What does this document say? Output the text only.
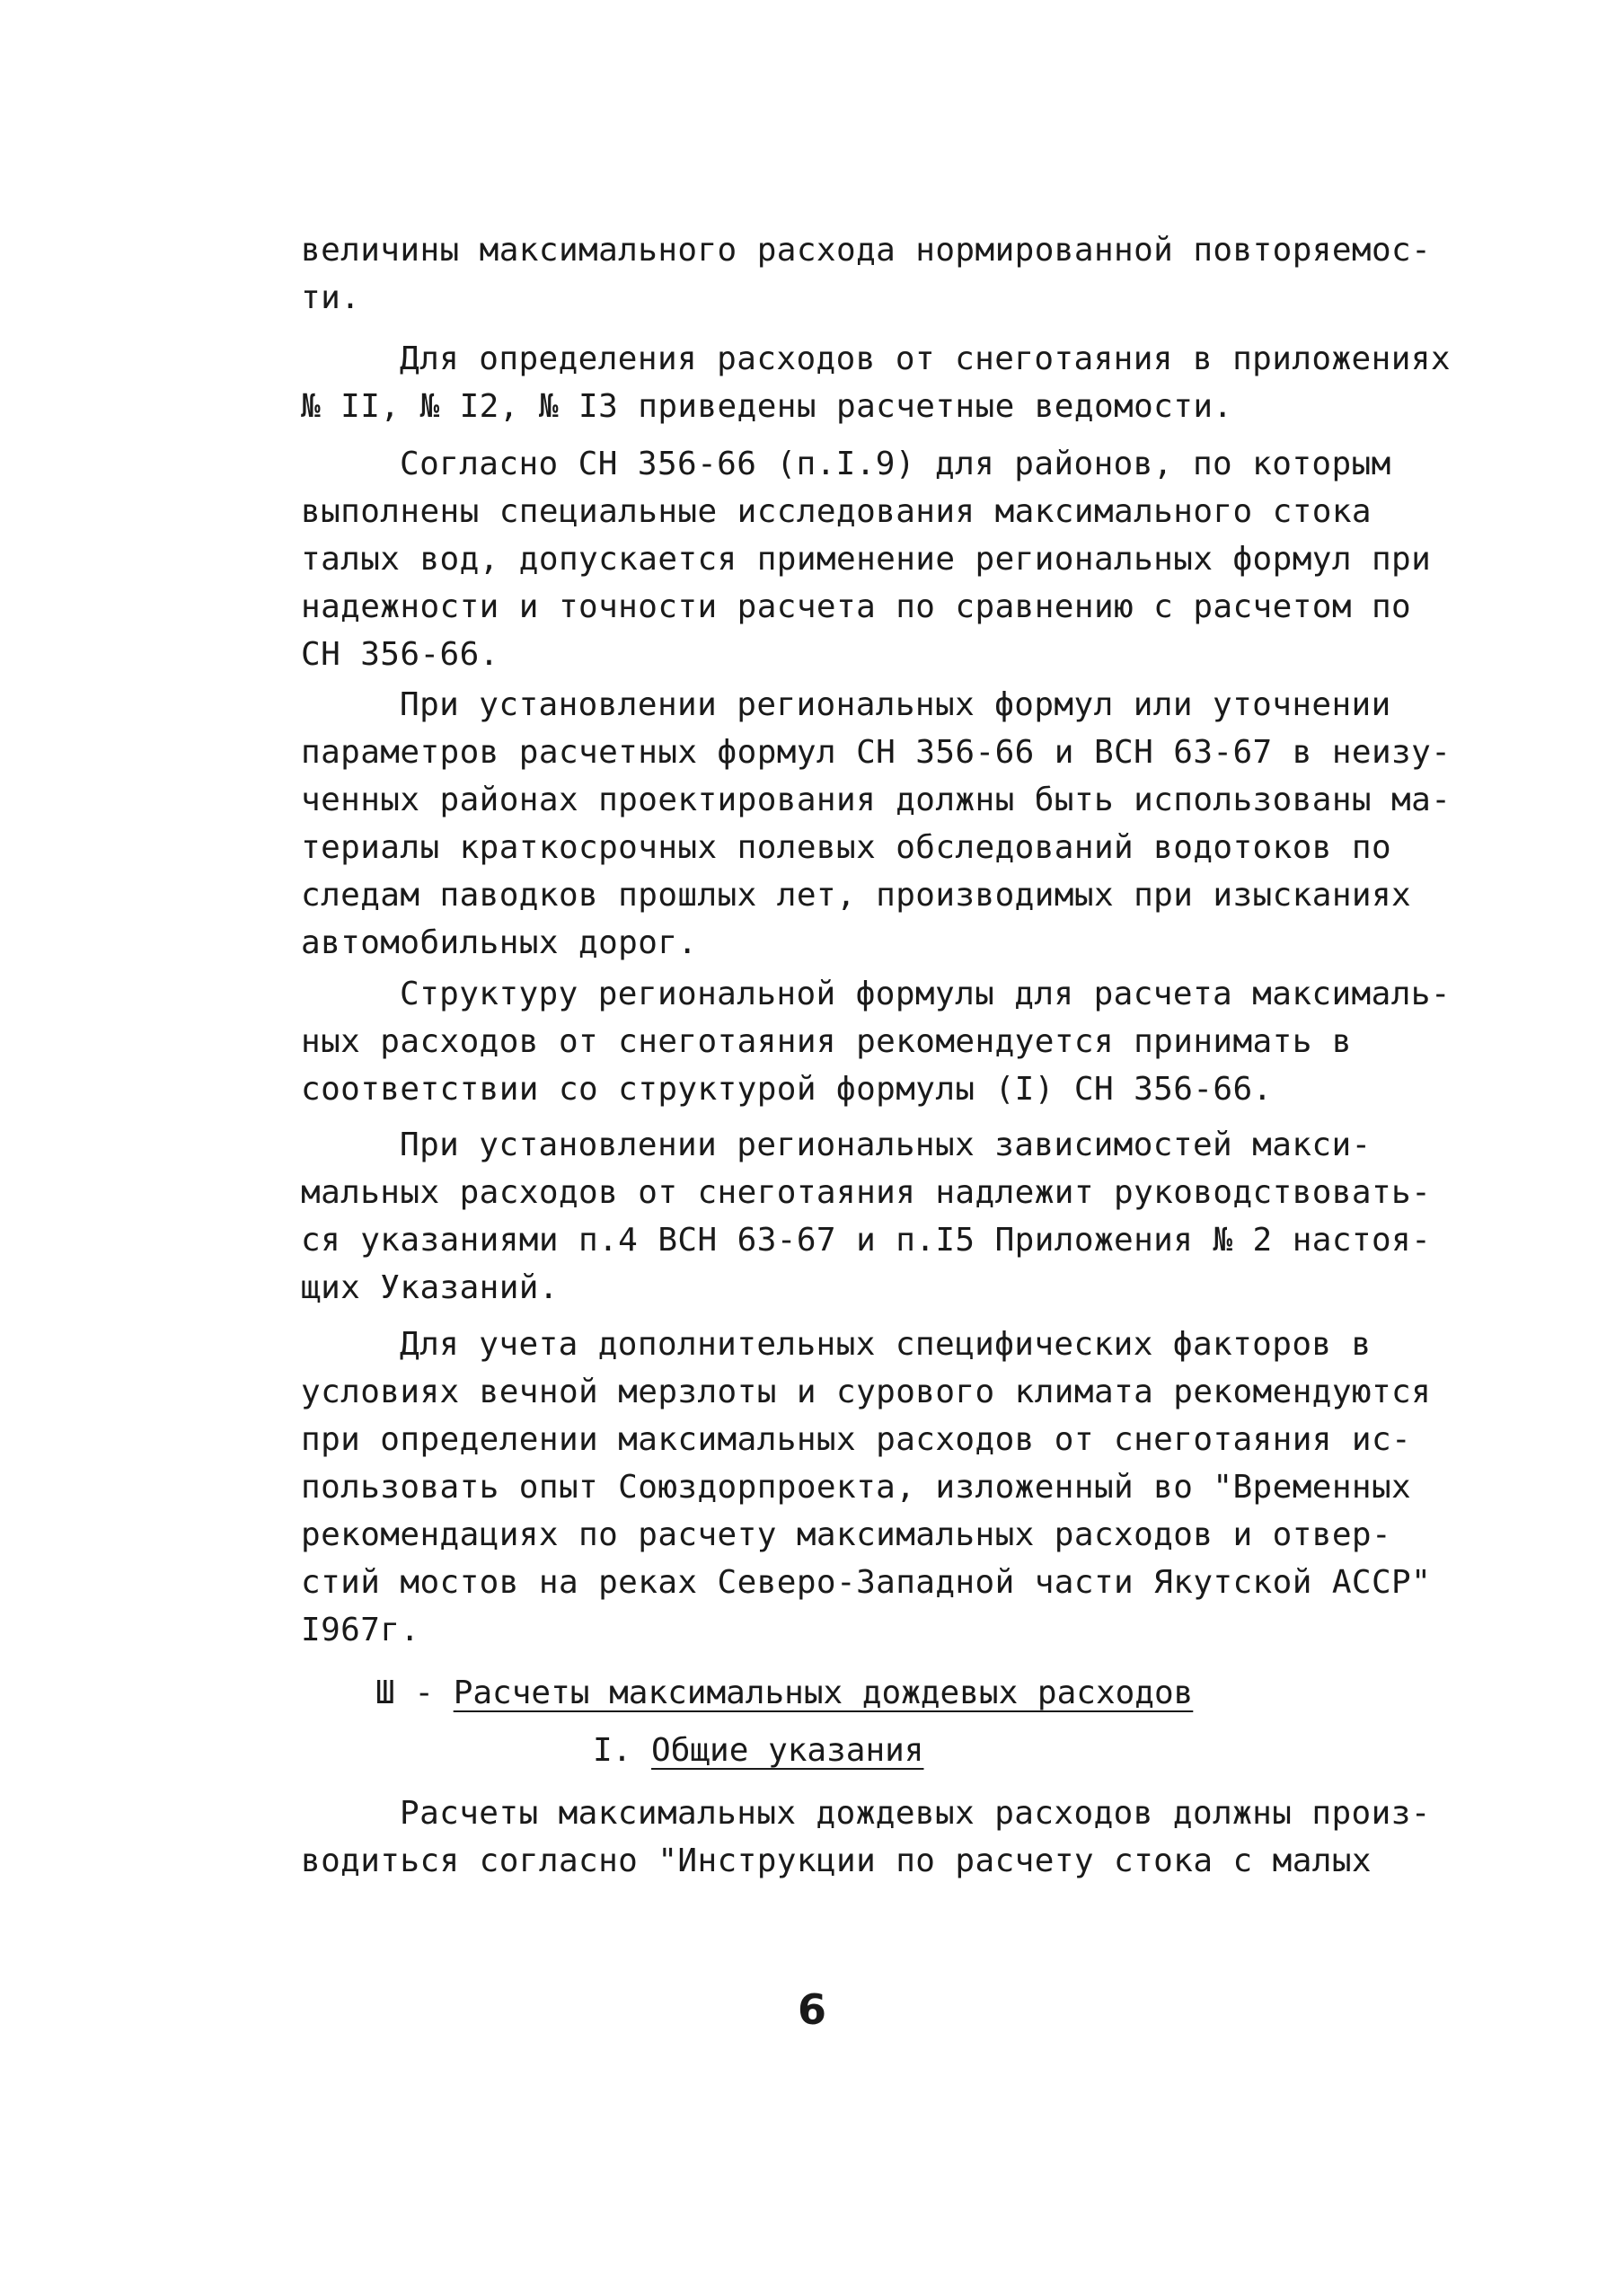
величины максимального расхода нормированной повторяемос-
ти.
Для определения расходов от снеготаяния в приложениях
№ II, № I2, № I3 приведены расчетные ведомости.
Согласно СН 356-66 (п.I.9) для районов, по которым
выполнены специальные исследования максимального стока
талых вод, допускается применение региональных формул при
надежности и точности расчета по сравнению с расчетом по
СН 356-66.
При установлении региональных формул или уточнении
параметров расчетных формул СН 356-66 и ВСН 63-67 в неизу-
ченных районах проектирования должны быть использованы ма-
териалы краткосрочных полевых обследований водотоков по
следам паводков прошлых лет, производимых при изысканиях
автомобильных дорог.
Структуру региональной формулы для расчета максималь-
ных расходов от снеготаяния рекомендуется принимать в
соответствии со структурой формулы (I) СН 356-66.
При установлении региональных зависимостей макси-
мальных расходов от снеготаяния надлежит руководствовать-
ся указаниями п.4 ВСН 63-67 и п.I5 Приложения № 2 настоя-
щих Указаний.
Для учета дополнительных специфических факторов в
условиях вечной мерзлоты и сурового климата рекомендуются
при определении максимальных расходов от снеготаяния ис-
пользовать опыт Союздорпроекта, изложенный во "Временных
рекомендациях по расчету максимальных расходов и отвер-
стий мостов на реках Северо-Западной части Якутской АССР"
I967г.
Ш - Расчеты максимальных дождевых расходов
I. Общие указания
Расчеты максимальных дождевых расходов должны произ-
водиться согласно "Инструкции по расчету стока с малых
6
